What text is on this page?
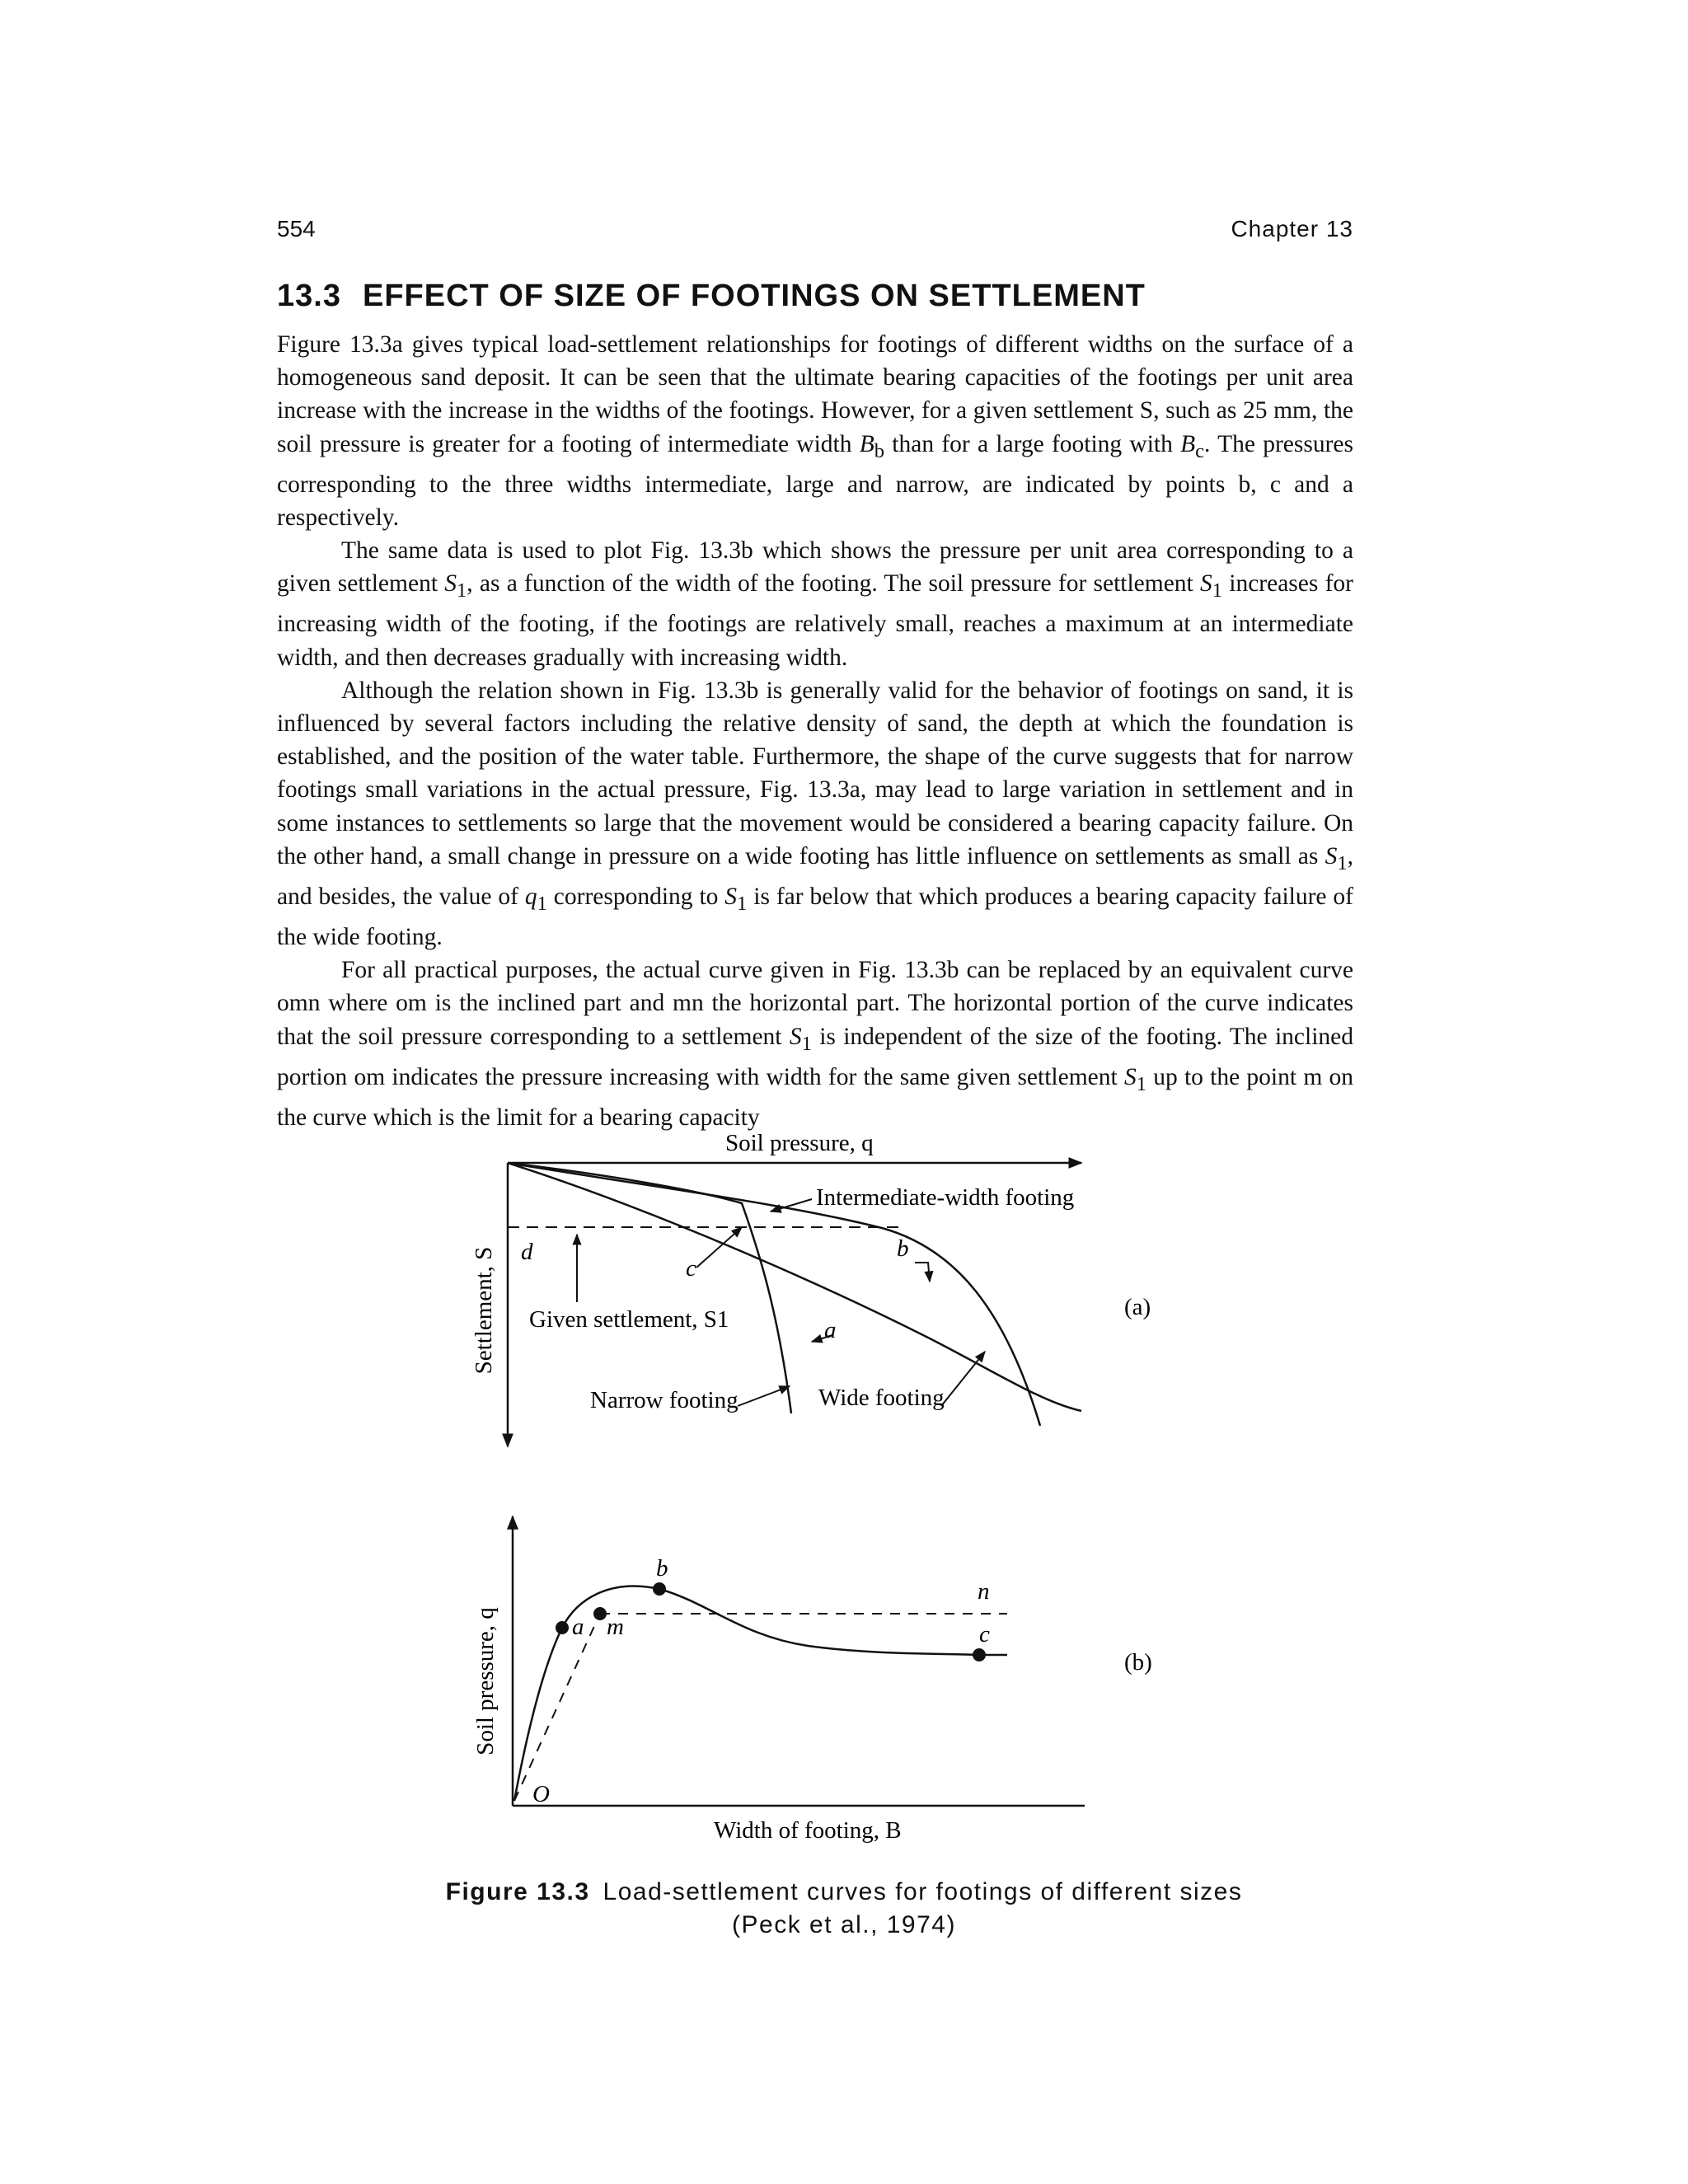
554	Chapter 13
13.3 EFFECT OF SIZE OF FOOTINGS ON SETTLEMENT

Figure 13.3a gives typical load-settlement relationships for footings of different widths on the surface of a homogeneous sand deposit. It can be seen that the ultimate bearing capacities of the footings per unit area increase with the increase in the widths of the footings. However, for a given settlement S, such as 25 mm, the soil pressure is greater for a footing of intermediate width $B_b$ than for a large footing with $B_c$. The pressures corresponding to the three widths intermediate, large and narrow, are indicated by points b, c and a respectively.

The same data is used to plot Fig. 13.3b which shows the pressure per unit area corresponding to a given settlement $S_1$, as a function of the width of the footing. The soil pressure for settlement $S_1$ increases for increasing width of the footing, if the footings are relatively small, reaches a maximum at an intermediate width, and then decreases gradually with increasing width.

Although the relation shown in Fig. 13.3b is generally valid for the behavior of footings on sand, it is influenced by several factors including the relative density of sand, the depth at which the foundation is established, and the position of the water table. Furthermore, the shape of the curve suggests that for narrow footings small variations in the actual pressure, Fig. 13.3a, may lead to large variation in settlement and in some instances to settlements so large that the movement would be considered a bearing capacity failure. On the other hand, a small change in pressure on a wide footing has little influence on settlements as small as $S_1$, and besides, the value of $q_1$ corresponding to $S_1$ is far below that which produces a bearing capacity failure of the wide footing.

For all practical purposes, the actual curve given in Fig. 13.3b can be replaced by an equivalent curve omn where om is the inclined part and mn the horizontal part. The horizontal portion of the curve indicates that the soil pressure corresponding to a settlement $S_1$ is independent of the size of the footing. The inclined portion om indicates the pressure increasing with width for the same given settlement $S_1$ up to the point m on the curve which is the limit for a bearing capacity

Soil pressure, q
Settlement, S
Intermediate-width footing
d
c
b
Given settlement, S1	a
Narrow footing	Wide footing
(a)
Soil pressure, q
b
n
a m	c
O
Width of footing, B
(b)
Figure 13.3 Load-settlement curves for footings of different sizes
(Peck et al., 1974)
